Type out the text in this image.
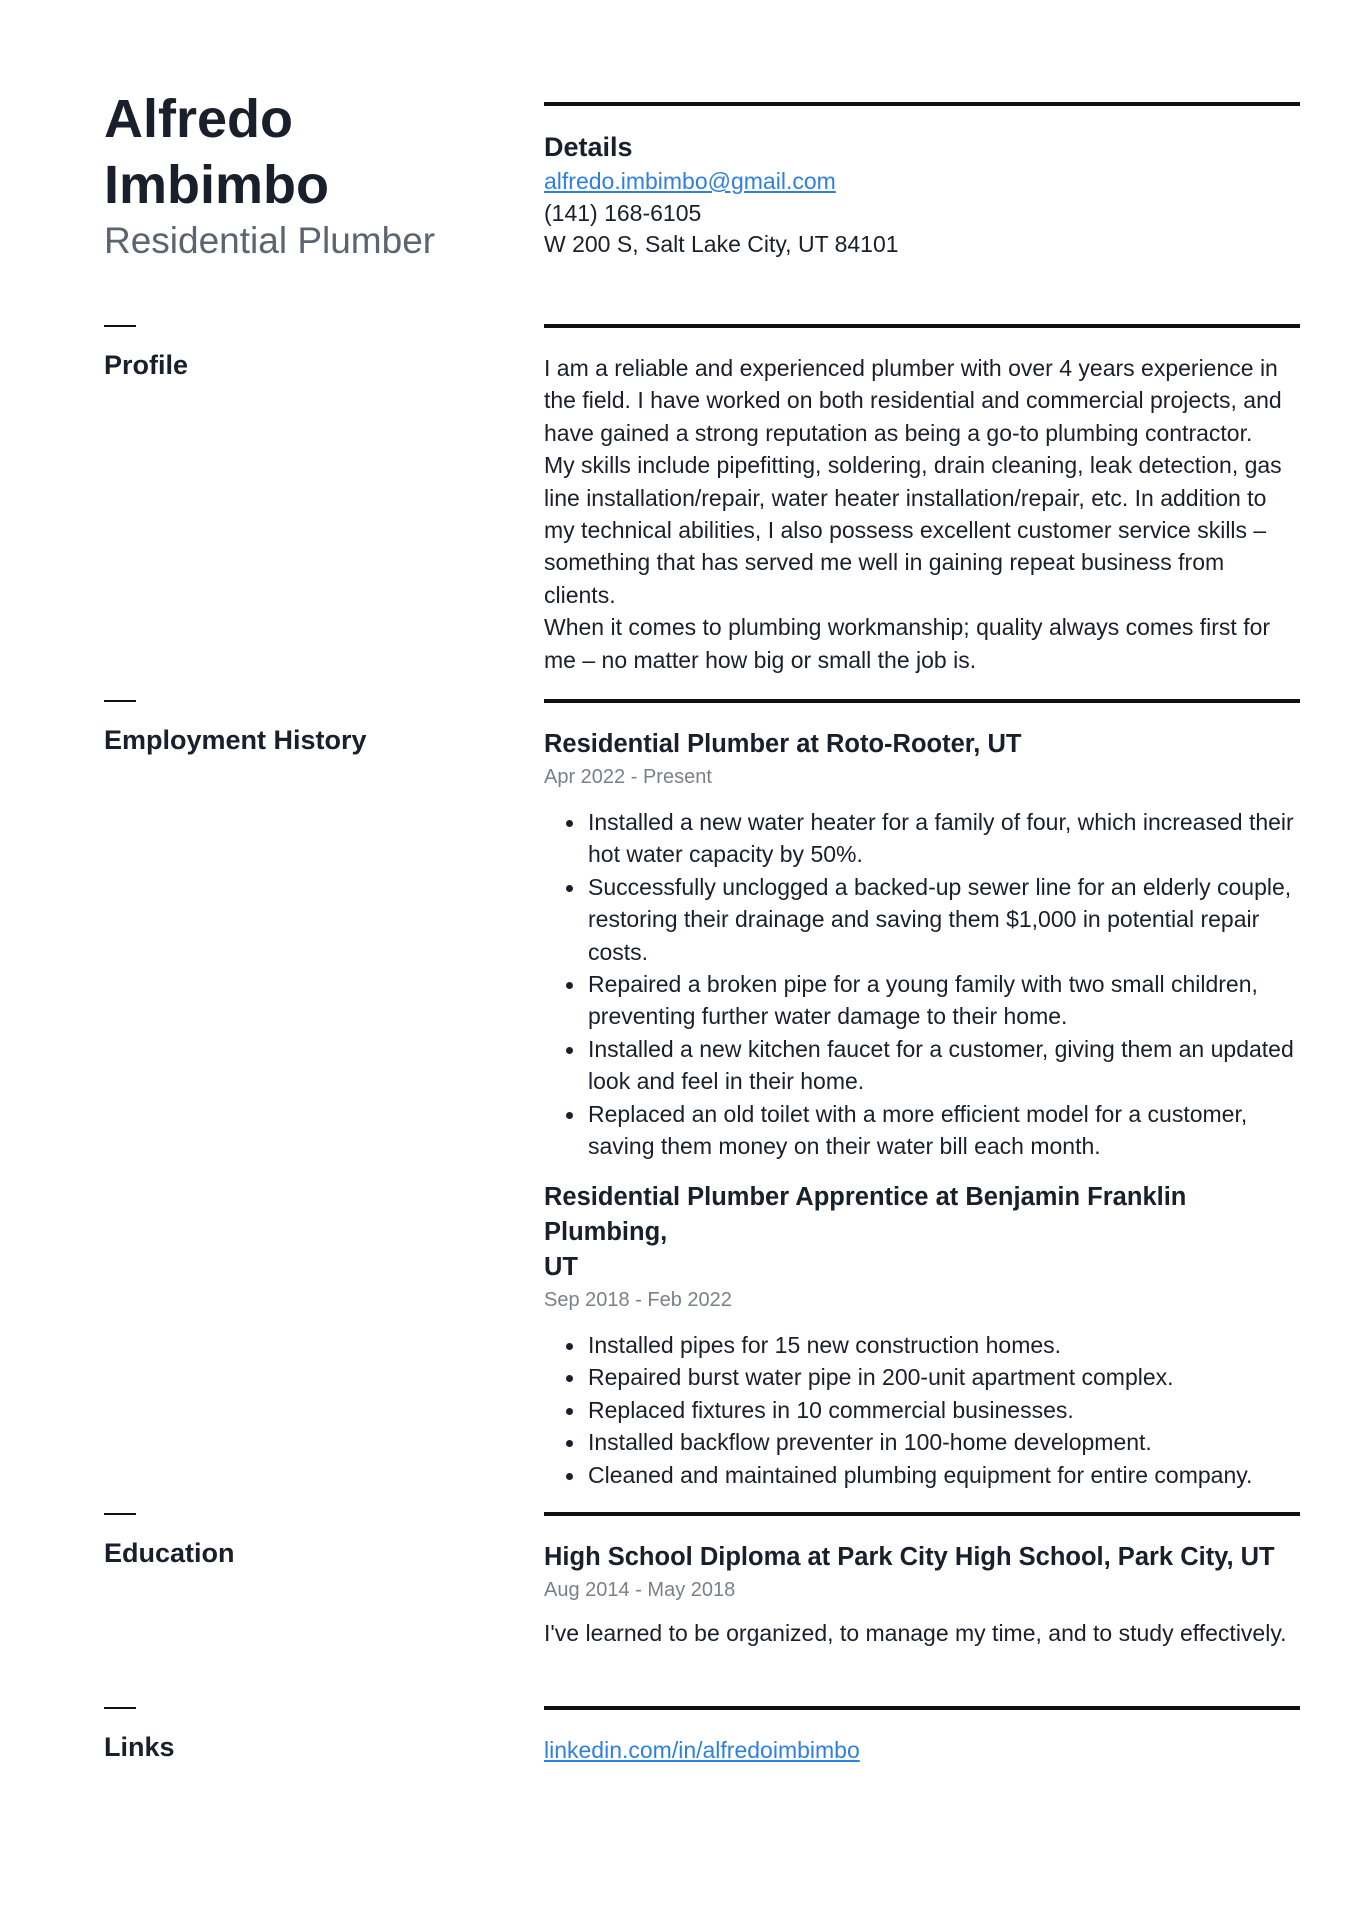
Alfredo
Imbimbo
Residential Plumber
Details
alfredo.imbimbo@gmail.com
(141) 168-6105
W 200 S, Salt Lake City, UT 84101
Profile	I am a reliable and experienced plumber with over 4 years experience in
the field. I have worked on both residential and commercial projects, and
have gained a strong reputation as being a go-to plumbing contractor.
My skills include pipefitting, soldering, drain cleaning, leak detection, gas
line installation/repair, water heater installation/repair, etc. In addition to
my technical abilities, I also possess excellent customer service skills –
something that has served me well in gaining repeat business from clients.
When it comes to plumbing workmanship; quality always comes first for
me – no matter how big or small the job is.
Employment History	Residential Plumber at Roto-Rooter, UT
Apr 2022 - Present
Installed a new water heater for a family of four, which increased their
hot water capacity by 50%.
Successfully unclogged a backed-up sewer line for an elderly couple,
restoring their drainage and saving them $1,000 in potential repair
costs.
Repaired a broken pipe for a young family with two small children,
preventing further water damage to their home.
Installed a new kitchen faucet for a customer, giving them an updated
look and feel in their home.
Replaced an old toilet with a more efficient model for a customer,
saving them money on their water bill each month.
Residential Plumber Apprentice at Benjamin Franklin Plumbing,
UT
Sep 2018 - Feb 2022
Installed pipes for 15 new construction homes.
Repaired burst water pipe in 200-unit apartment complex.
Replaced fixtures in 10 commercial businesses.
Installed backflow preventer in 100-home development.
Cleaned and maintained plumbing equipment for entire company.
Education	High School Diploma at Park City High School, Park City, UT
Aug 2014 - May 2018
I've learned to be organized, to manage my time, and to study effectively.
Links	linkedin.com/in/alfredoimbimbo
